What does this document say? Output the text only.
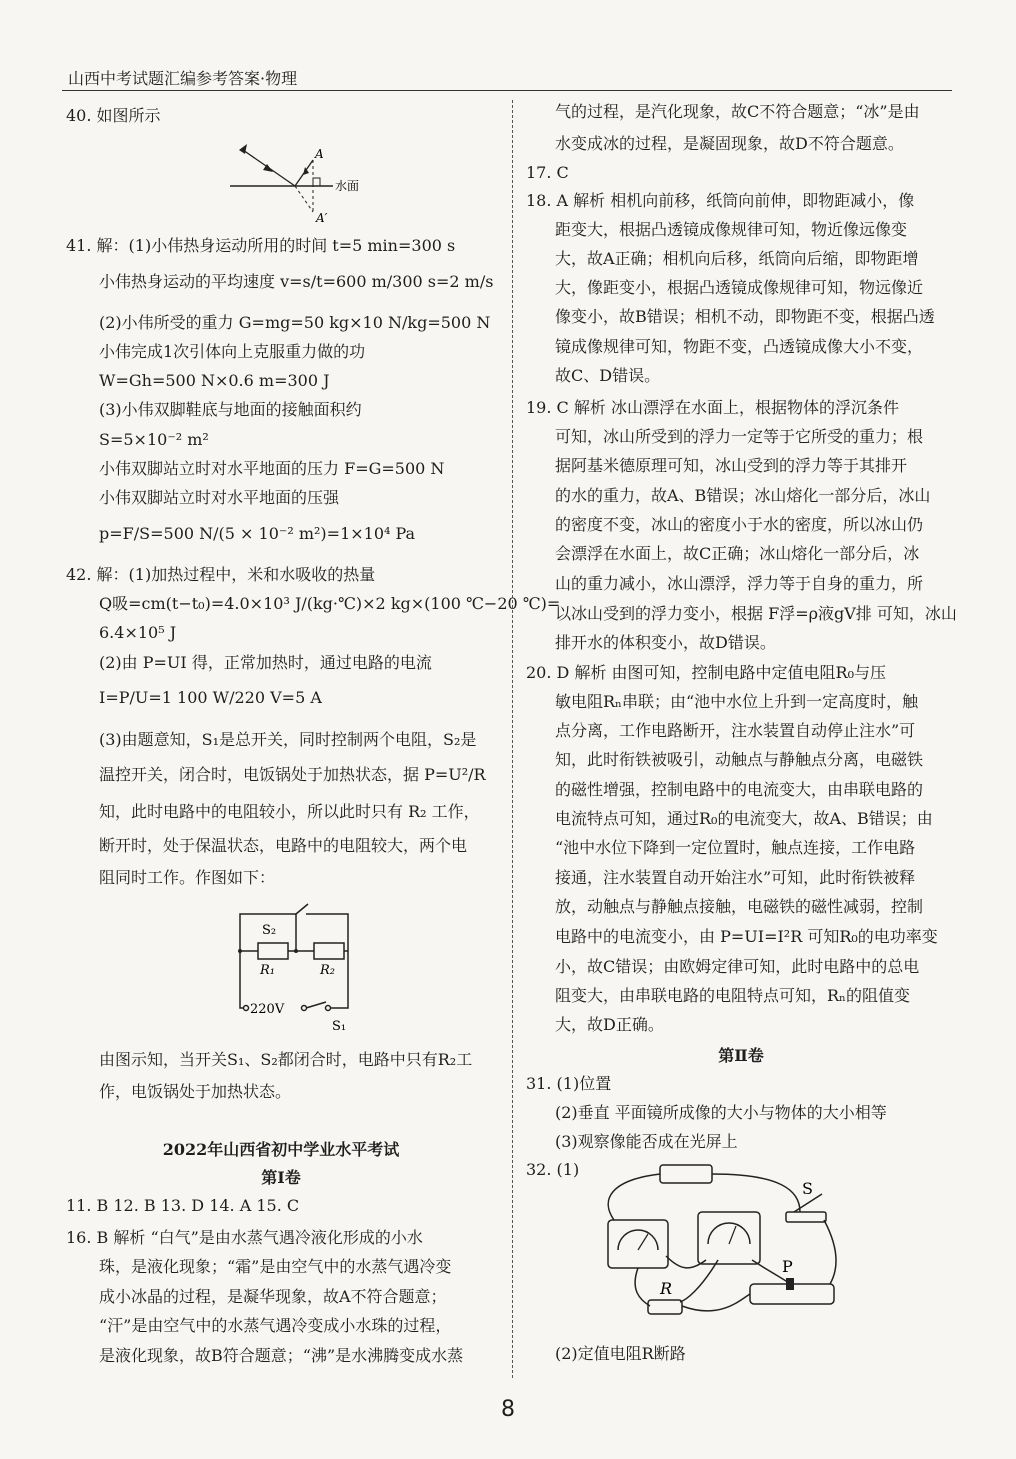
山西中考试题汇编参考答案·物理
40. 如图所示
A
水面
A′
41. 解：(1)小伟热身运动所用的时间 t=5 min=300 s
小伟热身运动的平均速度 v=s/t=600 m/300 s=2 m/s
(2)小伟所受的重力 G=mg=50 kg×10 N/kg=500 N
小伟完成1次引体向上克服重力做的功
W=Gh=500 N×0.6 m=300 J
(3)小伟双脚鞋底与地面的接触面积约
S=5×10⁻² m²
小伟双脚站立时对水平地面的压力 F=G=500 N
小伟双脚站立时对水平地面的压强
p=F/S=500 N/(5 × 10⁻² m²)=1×10⁴ Pa
42. 解：(1)加热过程中，米和水吸收的热量
Q吸=cm(t−t₀)=4.0×10³ J/(kg·℃)×2 kg×(100 ℃−20 ℃)=
6.4×10⁵ J
(2)由 P=UI 得，正常加热时，通过电路的电流
I=P/U=1 100 W/220 V=5 A
(3)由题意知，S₁是总开关，同时控制两个电阻，S₂是
温控开关，闭合时，电饭锅处于加热状态，据 P=U²/R
知，此时电路中的电阻较小，所以此时只有 R₂ 工作，
断开时，处于保温状态，电路中的电阻较大，两个电
阻同时工作。作图如下：
S₂
R₁	R₂
220V
S₁
由图示知，当开关S₁、S₂都闭合时，电路中只有R₂工
作，电饭锅处于加热状态。
2022年山西省初中学业水平考试
第Ⅰ卷
11. B 12. B 13. D 14. A 15. C
16. B 解析 “白气”是由水蒸气遇冷液化形成的小水
珠，是液化现象；“霜”是由空气中的水蒸气遇冷变
成小冰晶的过程，是凝华现象，故A不符合题意；
“汗”是由空气中的水蒸气遇冷变成小水珠的过程，
是液化现象，故B符合题意；“沸”是水沸腾变成水蒸
气的过程，是汽化现象，故C不符合题意；“冰”是由
水变成冰的过程，是凝固现象，故D不符合题意。
17. C
18. A 解析 相机向前移，纸筒向前伸，即物距减小，像
距变大，根据凸透镜成像规律可知，物近像远像变
大，故A正确；相机向后移，纸筒向后缩，即物距增
大，像距变小，根据凸透镜成像规律可知，物远像近
像变小，故B错误；相机不动，即物距不变，根据凸透
镜成像规律可知，物距不变，凸透镜成像大小不变，
故C、D错误。
19. C 解析 冰山漂浮在水面上，根据物体的浮沉条件
可知，冰山所受到的浮力一定等于它所受的重力；根
据阿基米德原理可知，冰山受到的浮力等于其排开
的水的重力，故A、B错误；冰山熔化一部分后，冰山
的密度不变，冰山的密度小于水的密度，所以冰山仍
会漂浮在水面上，故C正确；冰山熔化一部分后，冰
山的重力减小，冰山漂浮，浮力等于自身的重力，所
以冰山受到的浮力变小，根据 F浮=ρ液gV排 可知，冰山
排开水的体积变小，故D错误。
20. D 解析 由图可知，控制电路中定值电阻R₀与压
敏电阻Rₙ串联；由“池中水位上升到一定高度时，触
点分离，工作电路断开，注水装置自动停止注水”可
知，此时衔铁被吸引，动触点与静触点分离，电磁铁
的磁性增强，控制电路中的电流变大，由串联电路的
电流特点可知，通过R₀的电流变大，故A、B错误；由
“池中水位下降到一定位置时，触点连接，工作电路
接通，注水装置自动开始注水”可知，此时衔铁被释
放，动触点与静触点接触，电磁铁的磁性减弱，控制
电路中的电流变小，由 P=UI=I²R 可知R₀的电功率变
小，故C错误；由欧姆定律可知，此时电路中的总电
阻变大，由串联电路的电阻特点可知，Rₙ的阻值变
大，故D正确。
第Ⅱ卷
31. (1)位置
(2)垂直 平面镜所成像的大小与物体的大小相等
(3)观察像能否成在光屏上
32. (1)
S
R
P
(2)定值电阻R断路
8
